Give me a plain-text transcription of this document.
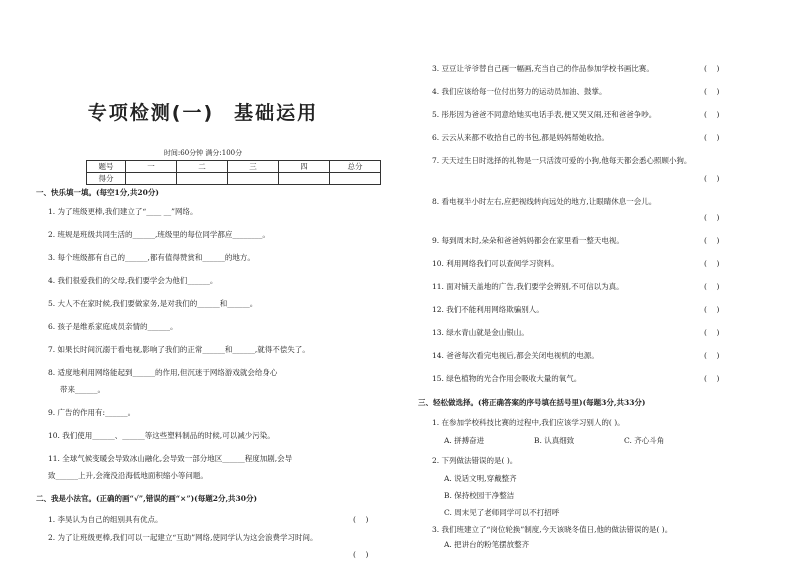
专项检测(一) 基础运用
时间:60分钟 满分:100分
题号	一	二	三	四	总分
得分					
一、快乐填一填。(每空1分,共20分)
1. 为了班级更棒,我们建立了“____ __”网络。
2. 班规是班级共同生活的______,班级里的每位同学都应________。
3. 每个班级都有自己的______,都有值得赞赏和______的地方。
4. 我们很爱我们的父母,我们要学会为他们______。
5. 大人不在家时候,我们要做家务,是对我们的______和______。
6. 孩子是维系家庭成员亲情的______。
7. 如果长时间沉溺于看电视,影响了我们的正常______和______,就得不偿失了。
8. 适度地利用网络能起到______的作用,但沉迷于网络游戏就会给身心
带来______。
9. 广告的作用有:______。
10. 我们使用______、______等这些塑料制品的时候,可以减少污染。
11. 全球气候变暖会导致冰山融化,会导致一部分地区______程度加剧,会导
致______上升,会淹没沿海低地面积缩小等问题。
二、我是小法官。(正确的画“√”,错误的画“×”)(每题2分,共30分)
1. 李昊认为自己的组别具有优点。	(    )
2. 为了让班级更棒,我们可以一起建立“互助”网络,使同学认为这会浪费学习时间。
(    )
3. 豆豆让爷爷替自己画一幅画,充当自己的作品参加学校书画比赛。	(    )
4. 我们应该给每一位付出努力的运动员加油、鼓掌。	(    )
5. 彤彤因为爸爸不同意给她买电话手表,便又哭又闹,还和爸爸争吵。	(    )
6. 云云从来都不收拾自己的书包,都是妈妈帮她收拾。	(    )
7. 天天过生日时选择的礼物是一只活泼可爱的小狗,他每天都会悉心照顾小狗。
(    )
8. 看电视半小时左右,应把视线转向远处的地方,让眼睛休息一会儿。
(    )
9. 每到周末时,朵朵和爸爸妈妈都会在家里看一整天电视。	(    )
10. 利用网络我们可以查阅学习资料。	(    )
11. 面对铺天盖地的广告,我们要学会辨别,不可信以为真。	(    )
12. 我们不能利用网络欺骗别人。	(    )
13. 绿水青山就是金山银山。	(    )
14. 爸爸每次看完电视后,都会关闭电视机的电源。	(    )
15. 绿色植物的光合作用会吸收大量的氧气。	(    )
三、轻松做选择。(将正确答案的序号填在括号里)(每题3分,共33分)
1. 在参加学校科技比赛的过程中,我们应该学习别人的( )。
A. 拼搏奋进	B. 认真细致	C. 齐心斗角
2. 下列做法错误的是( )。
A. 说话文明,穿戴整齐
B. 保持校园干净整洁
C. 周末见了老师同学可以不打招呼
3. 我们班建立了“岗位轮换”制度,今天该晓冬值日,他的做法错误的是( )。
A. 把讲台的粉笔摆放整齐
